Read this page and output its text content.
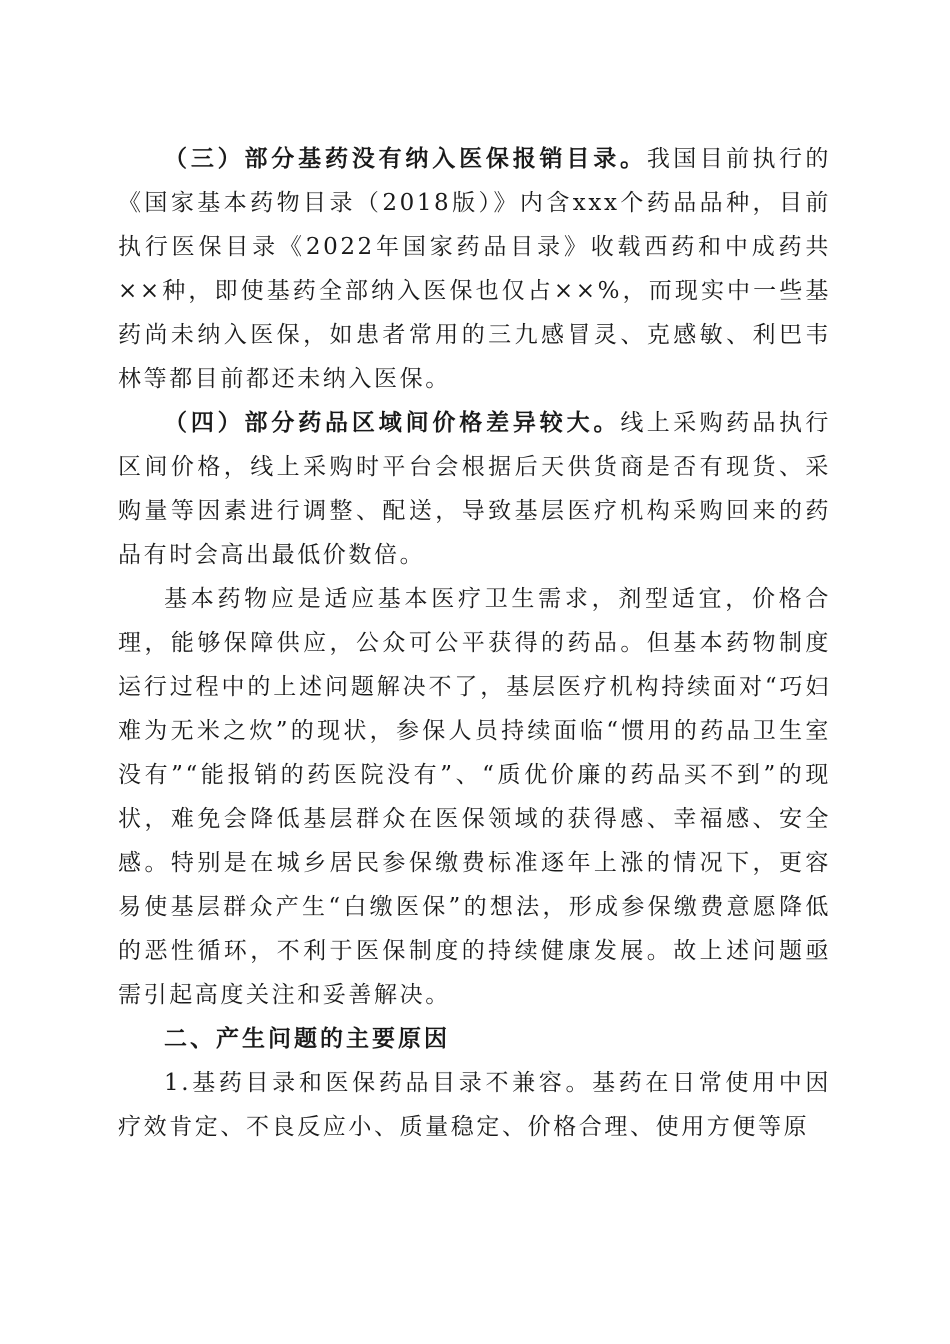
（三）部分基药没有纳入医保报销目录。我国目前执行的《国家基本药物目录（2018版）》内含xxx个药品品种，目前执行医保目录《2022年国家药品目录》收载西药和中成药共××种，即使基药全部纳入医保也仅占××%，而现实中一些基药尚未纳入医保，如患者常用的三九感冒灵、克感敏、利巴韦林等都目前都还未纳入医保。

（四）部分药品区域间价格差异较大。线上采购药品执行区间价格，线上采购时平台会根据后天供货商是否有现货、采购量等因素进行调整、配送，导致基层医疗机构采购回来的药品有时会高出最低价数倍。

基本药物应是适应基本医疗卫生需求，剂型适宜，价格合理，能够保障供应，公众可公平获得的药品。但基本药物制度运行过程中的上述问题解决不了，基层医疗机构持续面对“巧妇难为无米之炊”的现状，参保人员持续面临“惯用的药品卫生室没有”“能报销的药医院没有”、“质优价廉的药品买不到”的现状，难免会降低基层群众在医保领域的获得感、幸福感、安全感。特别是在城乡居民参保缴费标准逐年上涨的情况下，更容易使基层群众产生“白缴医保”的想法，形成参保缴费意愿降低的恶性循环，不利于医保制度的持续健康发展。故上述问题亟需引起高度关注和妥善解决。

二、产生问题的主要原因

1.基药目录和医保药品目录不兼容。基药在日常使用中因疗效肯定、不良反应小、质量稳定、价格合理、使用方便等原
